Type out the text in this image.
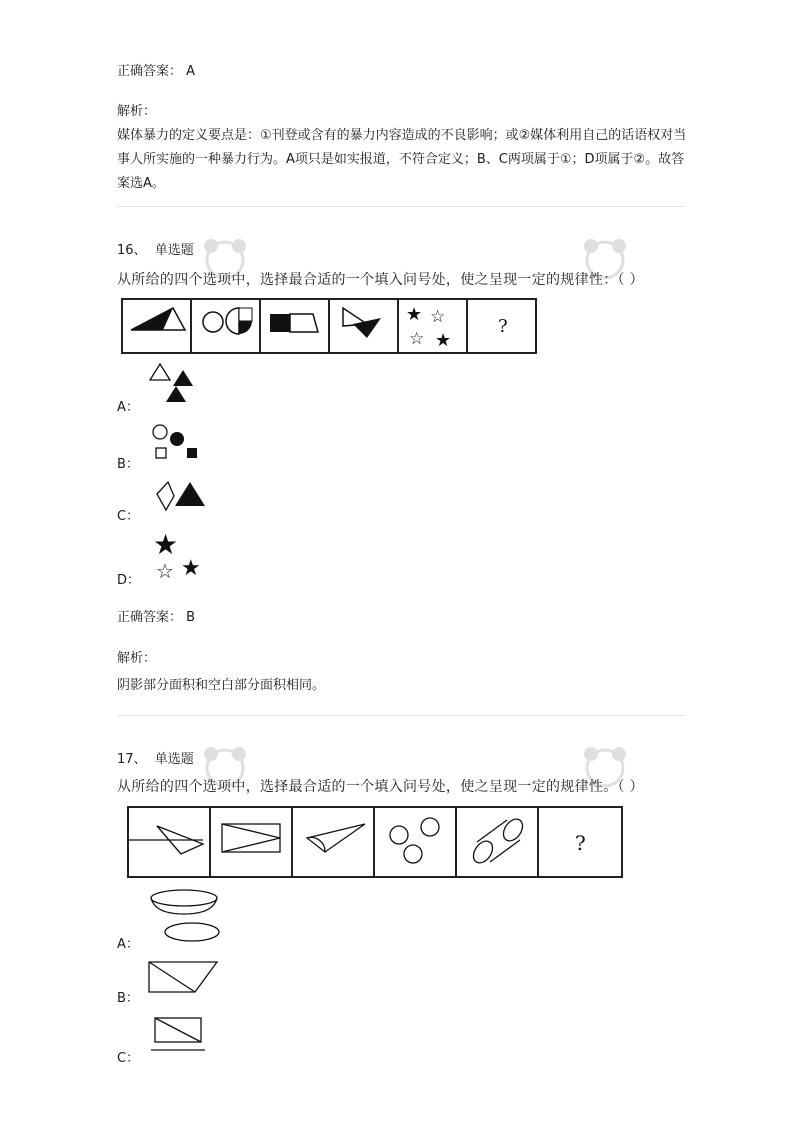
正确答案： A
解析：
媒体暴力的定义要点是：①刊登或含有的暴力内容造成的不良影响；或②媒体利用自己的话语权对当事人所实施的一种暴力行为。A项只是如实报道，不符合定义；B、C两项属于①；D项属于②。故答案选A。
16、 单选题
从所给的四个选项中，选择最合适的一个填入问号处，使之呈现一定的规律性：（ ）
★ ☆
☆ ★
?
A：
B：
C：
D：
★
☆ ★
正确答案： B
解析：
阴影部分面积和空白部分面积相同。
17、 单选题
从所给的四个选项中，选择最合适的一个填入问号处，使之呈现一定的规律性。（ ）
?
A：
B：
C：
